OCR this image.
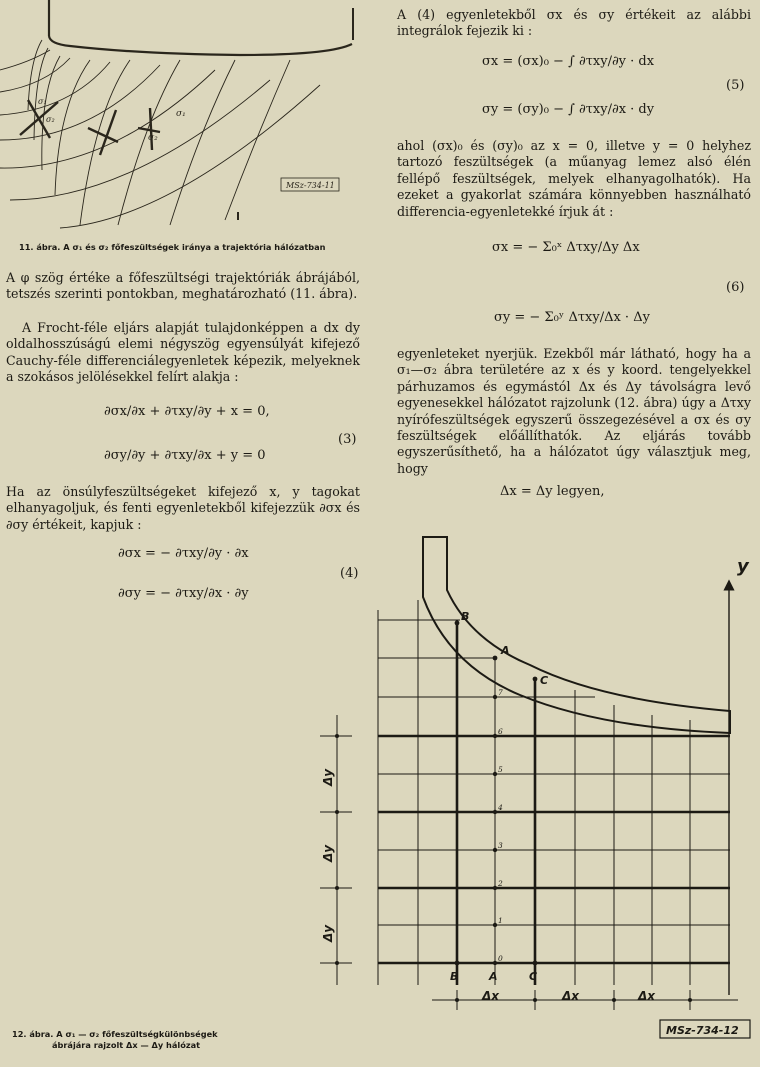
MSz-734-11
σ₁
σ₂
σ₁
σ₂
11. ábra. A σ₁ és σ₂ főfeszültségek iránya a trajektória hálózatban
A φ szög értéke a főfeszültségi trajektóriák ábrájából, tetszés szerinti pontokban, meghatározható (11. ábra).
A Frocht-féle eljárs alapját tulajdonképpen a dx dy oldalhosszúságú elemi négyszög egyensúlyát kifejező Cauchy-féle differenciálegyenletek képezik, melyeknek a szokásos jelölésekkel felírt alakja :
∂σx/∂x + ∂τxy/∂y + x = 0,
∂σy/∂y + ∂τxy/∂x + y = 0
(3)
Ha az önsúlyfeszültségeket kifejező x, y tagokat elhanyagoljuk, és fenti egyenletekből kifejezzük ∂σx és ∂σy értékeit, kapjuk :
∂σx = − ∂τxy/∂y · ∂x
∂σy = − ∂τxy/∂x · ∂y
(4)
A (4) egyenletekből σx és σy értékeit az alábbi integrálok fejezik ki :
σx = (σx)₀ − ∫ ∂τxy/∂y · dx
σy = (σy)₀ − ∫ ∂τxy/∂x · dy
(5)
ahol (σx)₀ és (σy)₀ az x = 0, illetve y = 0 helyhez tartozó feszültségek (a műanyag lemez alsó élén fellépő feszültségek, melyek elhanyagolhatók). Ha ezeket a gyakorlat számára könnyebben használható differencia-egyenletekké írjuk át :
σx = − Σ₀ˣ Δτxy/Δy Δx
σy = − Σ₀ʸ Δτxy/Δx · Δy
(6)
egyenleteket nyerjük. Ezekből már látható, hogy ha a σ₁—σ₂ ábra területére az x és y koord. tengelyekkel párhuzamos és egymástól Δx és Δy távolságra levő egyenesekkel hálózatot rajzolunk (12. ábra) úgy a Δτxy nyírófeszültségek egyszerű összegezésével a σx és σy feszültségek előállíthatók. Az eljárás tovább egyszerűsíthető, ha a hálózatot úgy választjuk meg, hogy
Δx = Δy legyen,
y
B	A	C
B
A
C
0
1
2
3
4
5
6
7
Δy
Δy
Δy
Δx	Δx	Δx
MSz-734-12
12. ábra. A σ₁ — σ₂ főfeszültségkülönbségek
ábrájára rajzolt Δx — Δy hálózat
